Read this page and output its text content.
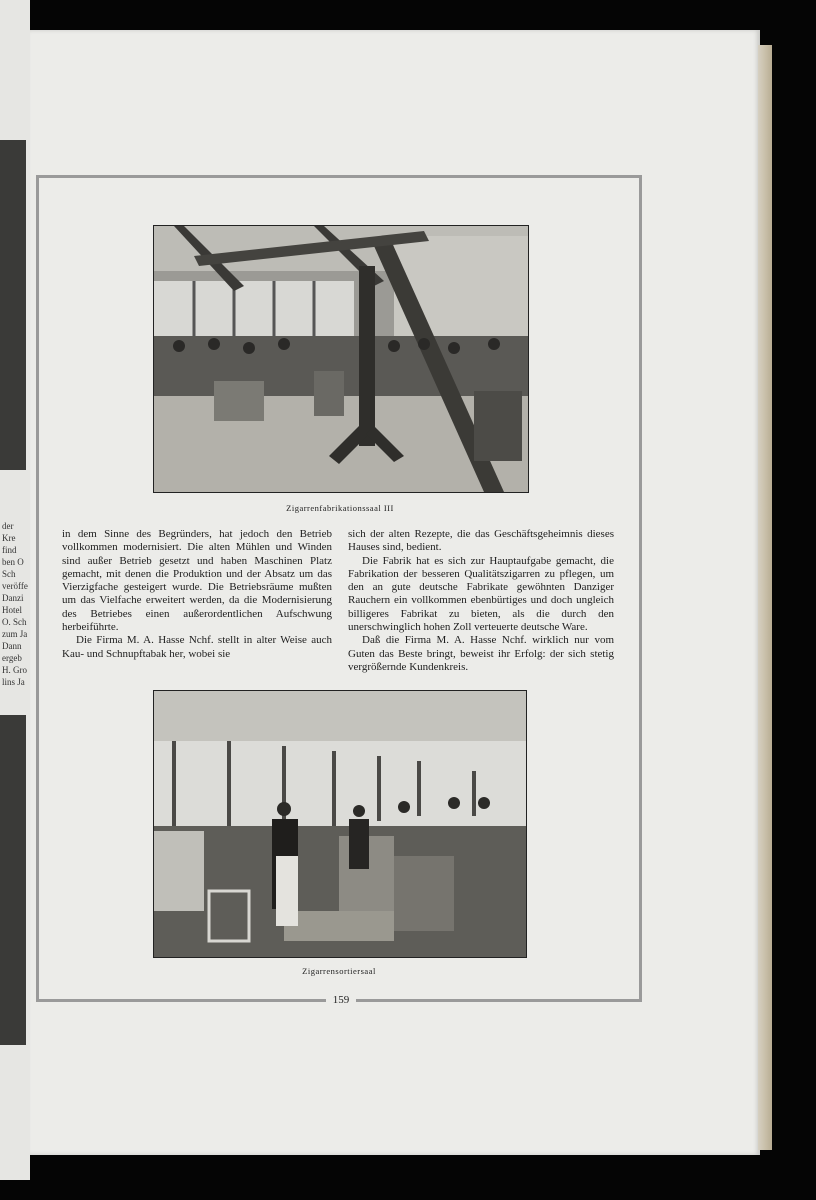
der Kre find ben O Sch veröffe Danzi Hotel O. Sch zum Ja Dann ergeb H. Gro lins Ja
Zigarrenfabrikationssaal III

in dem Sinne des Begründers, hat jedoch den Betrieb vollkommen modernisiert. Die alten Mühlen und Winden sind außer Betrieb gesetzt und haben Maschinen Platz gemacht, mit denen die Produktion und der Absatz um das Vierzigfache gesteigert wurde. Die Betriebsräume mußten um das Vielfache erweitert werden, da die Modernisierung des Betriebes einen außerordentlichen Aufschwung herbeiführte.

Die Firma M. A. Hasse Nchf. stellt in alter Weise auch Kau- und Schnupftabak her, wobei sie

sich der alten Rezepte, die das Geschäftsgeheimnis dieses Hauses sind, bedient.

Die Fabrik hat es sich zur Hauptaufgabe gemacht, die Fabrikation der besseren Qualitätszigarren zu pflegen, um den an gute deutsche Fabrikate gewöhnten Danziger Rauchern ein vollkommen ebenbürtiges und doch ungleich billigeres Fabrikat zu bieten, als die durch den unerschwinglich hohen Zoll verteuerte deutsche Ware.

Daß die Firma M. A. Hasse Nchf. wirklich nur vom Guten das Beste bringt, beweist ihr Erfolg: der sich stetig vergrößernde Kundenkreis.

Zigarrensortiersaal
159
